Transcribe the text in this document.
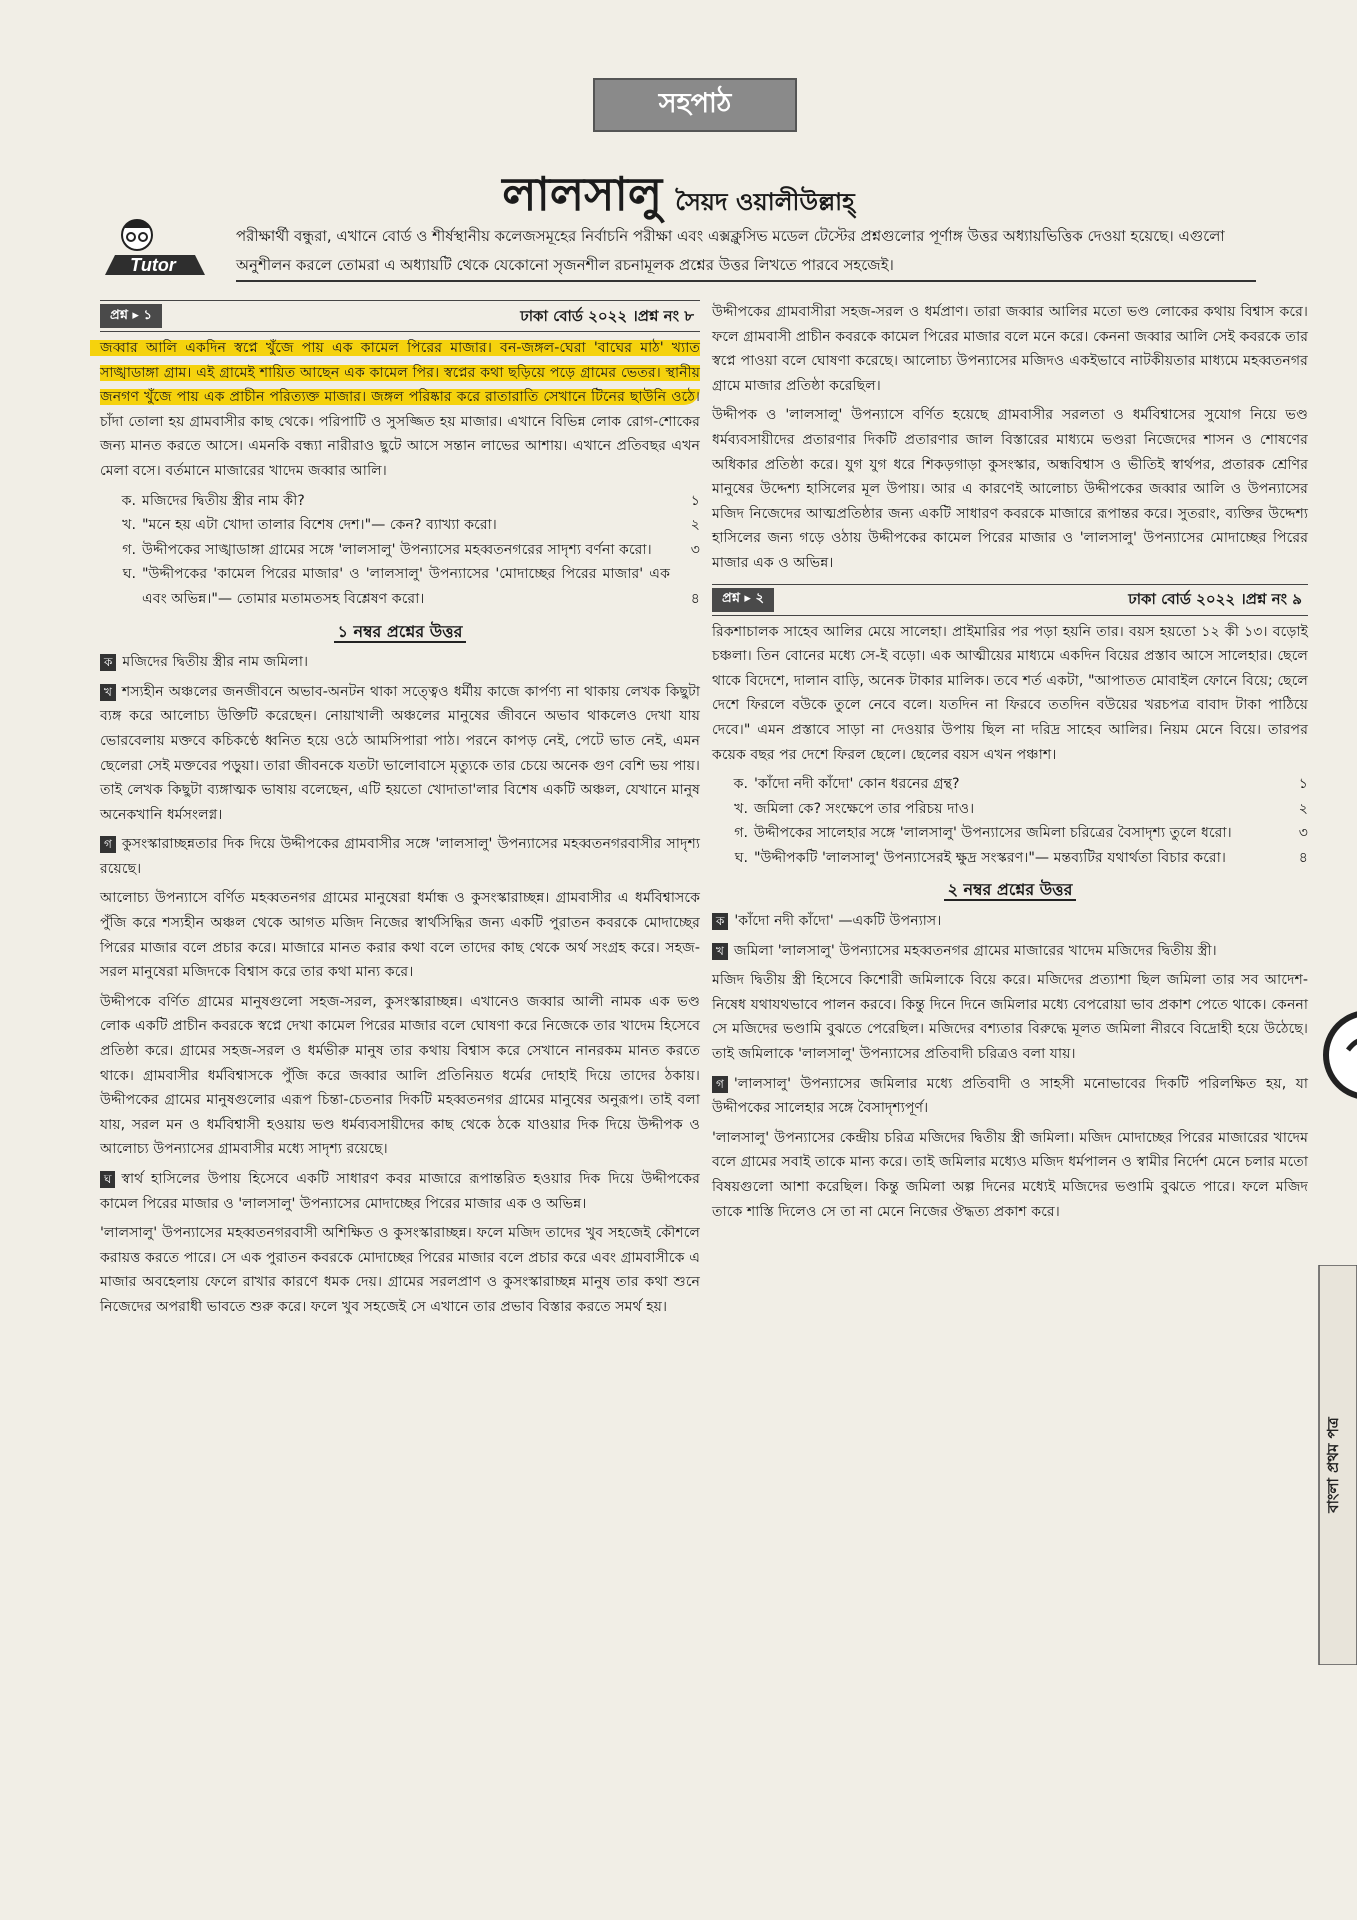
সহপাঠ
লালসালু সৈয়দ ওয়ালীউল্লাহ্
Tutor
পরীক্ষার্থী বন্ধুরা, এখানে বোর্ড ও শীর্ষস্থানীয় কলেজসমূহের নির্বাচনি পরীক্ষা এবং এক্সক্লুসিভ মডেল টেস্টের প্রশ্নগুলোর পূর্ণাঙ্গ উত্তর অধ্যায়ভিত্তিক দেওয়া হয়েছে। এগুলো অনুশীলন করলে তোমরা এ অধ্যায়টি থেকে যেকোনো সৃজনশীল রচনামূলক প্রশ্নের উত্তর লিখতে পারবে সহজেই।
প্রশ্ন ▸ ১	ঢাকা বোর্ড ২০২২ ।প্রশ্ন নং ৮

জব্বার আলি একদিন স্বপ্নে খুঁজে পায় এক কামেল পিরের মাজার। বন-জঙ্গল-ঘেরা 'বাঘের মাঠ' খ্যাত সাঙ্খাডাঙ্গা গ্রাম। এই গ্রামেই শায়িত আছেন এক কামেল পির। স্বপ্নের কথা ছড়িয়ে পড়ে গ্রামের ভেতর। স্থানীয় জনগণ খুঁজে পায় এক প্রাচীন পরিত্যক্ত মাজার। জঙ্গল পরিষ্কার করে রাতারাতি সেখানে টিনের ছাউনি ওঠে। চাঁদা তোলা হয় গ্রামবাসীর কাছ থেকে। পরিপাটি ও সুসজ্জিত হয় মাজার। এখানে বিভিন্ন লোক রোগ-শোকের জন্য মানত করতে আসে। এমনকি বন্ধ্যা নারীরাও ছুটে আসে সন্তান লাভের আশায়। এখানে প্রতিবছর এখন মেলা বসে। বর্তমানে মাজারের খাদেম জব্বার আলি।

ক. মজিদের দ্বিতীয় স্ত্রীর নাম কী?	১
খ. "মনে হয় এটা খোদা তালার বিশেষ দেশ।"— কেন? ব্যাখ্যা করো।	২
গ. উদ্দীপকের সাঙ্খাডাঙ্গা গ্রামের সঙ্গে 'লালসালু' উপন্যাসের মহব্বতনগরের সাদৃশ্য বর্ণনা করো।	৩
ঘ. "উদ্দীপকের 'কামেল পিরের মাজার' ও 'লালসালু' উপন্যাসের 'মোদাচ্ছের পিরের মাজার' এক এবং অভিন্ন।"— তোমার মতামতসহ বিশ্লেষণ করো।	৪
১ নম্বর প্রশ্নের উত্তর

ক মজিদের দ্বিতীয় স্ত্রীর নাম জমিলা।

খ শস্যহীন অঞ্চলের জনজীবনে অভাব-অনটন থাকা সত্ত্বেও ধর্মীয় কাজে কার্পণ্য না থাকায় লেখক কিছুটা ব্যঙ্গ করে আলোচ্য উক্তিটি করেছেন। নোয়াখালী অঞ্চলের মানুষের জীবনে অভাব থাকলেও দেখা যায় ভোরবেলায় মক্তবে কচিকণ্ঠে ধ্বনিত হয়ে ওঠে আমসিপারা পাঠ। পরনে কাপড় নেই, পেটে ভাত নেই, এমন ছেলেরা সেই মক্তবের পড়ুয়া। তারা জীবনকে যতটা ভালোবাসে মৃত্যুকে তার চেয়ে অনেক গুণ বেশি ভয় পায়। তাই লেখক কিছুটা ব্যঙ্গাত্মক ভাষায় বলেছেন, এটি হয়তো খোদাতা'লার বিশেষ একটি অঞ্চল, যেখানে মানুষ অনেকখানি ধর্মসংলগ্ন।

গ কুসংস্কারাচ্ছন্নতার দিক দিয়ে উদ্দীপকের গ্রামবাসীর সঙ্গে 'লালসালু' উপন্যাসের মহব্বতনগরবাসীর সাদৃশ্য রয়েছে।

আলোচ্য উপন্যাসে বর্ণিত মহব্বতনগর গ্রামের মানুষেরা ধর্মান্ধ ও কুসংস্কারাচ্ছন্ন। গ্রামবাসীর এ ধর্মবিশ্বাসকে পুঁজি করে শস্যহীন অঞ্চল থেকে আগত মজিদ নিজের স্বার্থসিদ্ধির জন্য একটি পুরাতন কবরকে মোদাচ্ছের পিরের মাজার বলে প্রচার করে। মাজারে মানত করার কথা বলে তাদের কাছ থেকে অর্থ সংগ্রহ করে। সহজ-সরল মানুষেরা মজিদকে বিশ্বাস করে তার কথা মান্য করে।

উদ্দীপকে বর্ণিত গ্রামের মানুষগুলো সহজ-সরল, কুসংস্কারাচ্ছন্ন। এখানেও জব্বার আলী নামক এক ভণ্ড লোক একটি প্রাচীন কবরকে স্বপ্নে দেখা কামেল পিরের মাজার বলে ঘোষণা করে নিজেকে তার খাদেম হিসেবে প্রতিষ্ঠা করে। গ্রামের সহজ-সরল ও ধর্মভীরু মানুষ তার কথায় বিশ্বাস করে সেখানে নানরকম মানত করতে থাকে। গ্রামবাসীর ধর্মবিশ্বাসকে পুঁজি করে জব্বার আলি প্রতিনিয়ত ধর্মের দোহাই দিয়ে তাদের ঠকায়। উদ্দীপকের গ্রামের মানুষগুলোর এরূপ চিন্তা-চেতনার দিকটি মহব্বতনগর গ্রামের মানুষের অনুরূপ। তাই বলা যায়, সরল মন ও ধর্মবিশ্বাসী হওয়ায় ভণ্ড ধর্মব্যবসায়ীদের কাছ থেকে ঠকে যাওয়ার দিক দিয়ে উদ্দীপক ও আলোচ্য উপন্যাসের গ্রামবাসীর মধ্যে সাদৃশ্য রয়েছে।

ঘ স্বার্থ হাসিলের উপায় হিসেবে একটি সাধারণ কবর মাজারে রূপান্তরিত হওয়ার দিক দিয়ে উদ্দীপকের কামেল পিরের মাজার ও 'লালসালু' উপন্যাসের মোদাচ্ছের পিরের মাজার এক ও অভিন্ন।

'লালসালু' উপন্যাসের মহব্বতনগরবাসী অশিক্ষিত ও কুসংস্কারাচ্ছন্ন। ফলে মজিদ তাদের খুব সহজেই কৌশলে করায়ত্ত করতে পারে। সে এক পুরাতন কবরকে মোদাচ্ছের পিরের মাজার বলে প্রচার করে এবং গ্রামবাসীকে এ মাজার অবহেলায় ফেলে রাখার কারণে ধমক দেয়। গ্রামের সরলপ্রাণ ও কুসংস্কারাচ্ছন্ন মানুষ তার কথা শুনে নিজেদের অপরাধী ভাবতে শুরু করে। ফলে খুব সহজেই সে এখানে তার প্রভাব বিস্তার করতে সমর্থ হয়।

উদ্দীপকের গ্রামবাসীরা সহজ-সরল ও ধর্মপ্রাণ। তারা জব্বার আলির মতো ভণ্ড লোকের কথায় বিশ্বাস করে। ফলে গ্রামবাসী প্রাচীন কবরকে কামেল পিরের মাজার বলে মনে করে। কেননা জব্বার আলি সেই কবরকে তার স্বপ্নে পাওয়া বলে ঘোষণা করেছে। আলোচ্য উপন্যাসের মজিদও একইভাবে নাটকীয়তার মাধ্যমে মহব্বতনগর গ্রামে মাজার প্রতিষ্ঠা করেছিল।

উদ্দীপক ও 'লালসালু' উপন্যাসে বর্ণিত হয়েছে গ্রামবাসীর সরলতা ও ধর্মবিশ্বাসের সুযোগ নিয়ে ভণ্ড ধর্মব্যবসায়ীদের প্রতারণার দিকটি প্রতারণার জাল বিস্তারের মাধ্যমে ভণ্ডরা নিজেদের শাসন ও শোষণের অধিকার প্রতিষ্ঠা করে। যুগ যুগ ধরে শিকড়গাড়া কুসংস্কার, অন্ধবিশ্বাস ও ভীতিই স্বার্থপর, প্রতারক শ্রেণির মানুষের উদ্দেশ্য হাসিলের মূল উপায়। আর এ কারণেই আলোচ্য উদ্দীপকের জব্বার আলি ও উপন্যাসের মজিদ নিজেদের আত্মপ্রতিষ্ঠার জন্য একটি সাধারণ কবরকে মাজারে রূপান্তর করে। সুতরাং, ব্যক্তির উদ্দেশ্য হাসিলের জন্য গড়ে ওঠায় উদ্দীপকের কামেল পিরের মাজার ও 'লালসালু' উপন্যাসের মোদাচ্ছের পিরের মাজার এক ও অভিন্ন।

প্রশ্ন ▸ ২	ঢাকা বোর্ড ২০২২ ।প্রশ্ন নং ৯

রিকশাচালক সাহেব আলির মেয়ে সালেহা। প্রাইমারির পর পড়া হয়নি তার। বয়স হয়তো ১২ কী ১৩। বড়োই চঞ্চলা। তিন বোনের মধ্যে সে-ই বড়ো। এক আত্মীয়ের মাধ্যমে একদিন বিয়ের প্রস্তাব আসে সালেহার। ছেলে থাকে বিদেশে, দালান বাড়ি, অনেক টাকার মালিক। তবে শর্ত একটা, "আপাতত মোবাইল ফোনে বিয়ে; ছেলে দেশে ফিরলে বউকে তুলে নেবে বলে। যতদিন না ফিরবে ততদিন বউয়ের খরচপত্র বাবাদ টাকা পাঠিয়ে দেবে।" এমন প্রস্তাবে সাড়া না দেওয়ার উপায় ছিল না দরিদ্র সাহেব আলির। নিয়ম মেনে বিয়ে। তারপর কয়েক বছর পর দেশে ফিরল ছেলে। ছেলের বয়স এখন পঞ্চাশ।

ক. 'কাঁদো নদী কাঁদো' কোন ধরনের গ্রন্থ?	১
খ. জমিলা কে? সংক্ষেপে তার পরিচয় দাও।	২
গ. উদ্দীপকের সালেহার সঙ্গে 'লালসালু' উপন্যাসের জমিলা চরিত্রের বৈসাদৃশ্য তুলে ধরো।	৩
ঘ. "উদ্দীপকটি 'লালসালু' উপন্যাসেরই ক্ষুদ্র সংস্করণ।"— মন্তব্যটির যথার্থতা বিচার করো।	৪
২ নম্বর প্রশ্নের উত্তর

ক 'কাঁদো নদী কাঁদো' —একটি উপন্যাস।

খ জমিলা 'লালসালু' উপন্যাসের মহব্বতনগর গ্রামের মাজারের খাদেম মজিদের দ্বিতীয় স্ত্রী।

মজিদ দ্বিতীয় স্ত্রী হিসেবে কিশোরী জমিলাকে বিয়ে করে। মজিদের প্রত্যাশা ছিল জমিলা তার সব আদেশ-নিষেধ যথাযথভাবে পালন করবে। কিন্তু দিনে দিনে জমিলার মধ্যে বেপরোয়া ভাব প্রকাশ পেতে থাকে। কেননা সে মজিদের ভণ্ডামি বুঝতে পেরেছিল। মজিদের বশ্যতার বিরুদ্ধে মূলত জমিলা নীরবে বিদ্রোহী হয়ে উঠেছে। তাই জমিলাকে 'লালসালু' উপন্যাসের প্রতিবাদী চরিত্রও বলা যায়।

গ 'লালসালু' উপন্যাসের জমিলার মধ্যে প্রতিবাদী ও সাহসী মনোভাবের দিকটি পরিলক্ষিত হয়, যা উদ্দীপকের সালেহার সঙ্গে বৈসাদৃশ্যপূর্ণ।

'লালসালু' উপন্যাসের কেন্দ্রীয় চরিত্র মজিদের দ্বিতীয় স্ত্রী জমিলা। মজিদ মোদাচ্ছের পিরের মাজারের খাদেম বলে গ্রামের সবাই তাকে মান্য করে। তাই জমিলার মধ্যেও মজিদ ধর্মপালন ও স্বামীর নির্দেশ মেনে চলার মতো বিষয়গুলো আশা করেছিল। কিন্তু জমিলা অল্প দিনের মধ্যেই মজিদের ভণ্ডামি বুঝতে পারে। ফলে মজিদ তাকে শাস্তি দিলেও সে তা না মেনে নিজের ঔদ্ধত্য প্রকাশ করে।

বাংলা প্রথম পত্র
